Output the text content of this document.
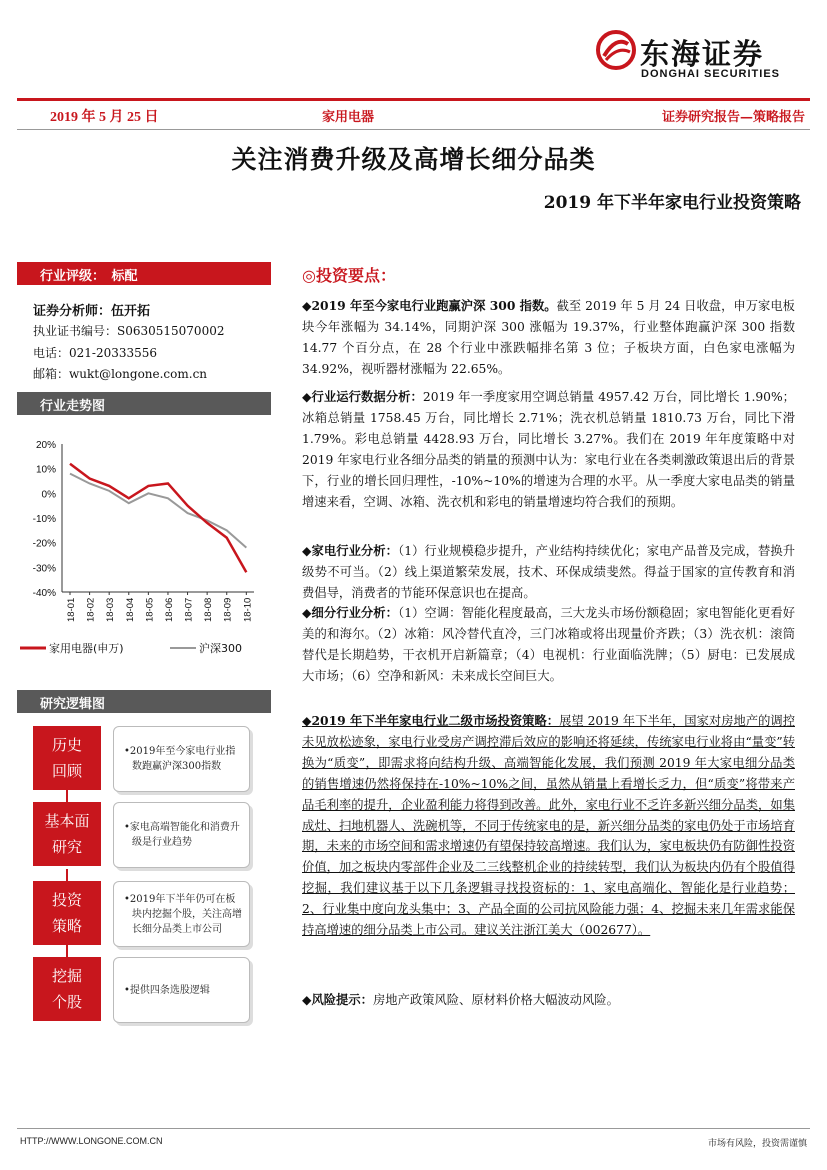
东海证券
DONGHAI SECURITIES
2019 年 5 月 25 日	家用电器	证券研究报告—策略报告
关注消费升级及高增长细分品类
2019 年下半年家电行业投资策略
行业评级：　标配
证券分析师：伍开拓
执业证书编号：S0630515070002
电话：021-20333556
邮箱：wukt@longone.com.cn
行业走势图
20%
10%
0%
-10%
-20%
-30%
-40%
18-01 18-02 18-03 18-04 18-05 18-06 18-07 18-08 18-09 18-10
家用电器(申万)	沪深300
研究逻辑图
历史
回顾
•2019年至今家电行业指数跑赢沪深300指数
基本面
研究
•家电高端智能化和消费升级是行业趋势
投资
策略
•2019年下半年仍可在板块内挖掘个股，关注高增长细分品类上市公司
挖掘
个股
•提供四条选股逻辑
◎投资要点：
◆2019 年至今家电行业跑赢沪深 300 指数。截至 2019 年 5 月 24 日收盘，申万家电板块今年涨幅为 34.14%，同期沪深 300 涨幅为 19.37%，行业整体跑赢沪深 300 指数 14.77 个百分点，在 28 个行业中涨跌幅排名第 3 位；子板块方面，白色家电涨幅为 34.92%，视听器材涨幅为 22.65%。
◆行业运行数据分析：2019 年一季度家用空调总销量 4957.42 万台，同比增长 1.90%；冰箱总销量 1758.45 万台，同比增长 2.71%；洗衣机总销量 1810.73 万台，同比下滑 1.79%。彩电总销量 4428.93 万台，同比增长 3.27%。我们在 2019 年年度策略中对 2019 年家电行业各细分品类的销量的预测中认为：家电行业在各类刺激政策退出后的背景下，行业的增长回归理性，-10%~10%的增速为合理的水平。从一季度大家电品类的销量增速来看，空调、冰箱、洗衣机和彩电的销量增速均符合我们的预期。
◆家电行业分析：（1）行业规模稳步提升，产业结构持续优化；家电产品普及完成，替换升级势不可当。（2）线上渠道繁荣发展，技术、环保成绩斐然。得益于国家的宣传教育和消费倡导，消费者的节能环保意识也在提高。
◆细分行业分析：（1）空调：智能化程度最高，三大龙头市场份额稳固；家电智能化更看好美的和海尔。（2）冰箱：风冷替代直冷，三门冰箱或将出现量价齐跌；（3）洗衣机：滚筒替代是长期趋势，干衣机开启新篇章；（4）电视机：行业面临洗牌；（5）厨电：已发展成大市场；（6）空净和新风：未来成长空间巨大。
◆2019 年下半年家电行业二级市场投资策略：展望 2019 年下半年，国家对房地产的调控未见放松迹象，家电行业受房产调控滞后效应的影响还将延续，传统家电行业将由“量变”转换为“质变”，即需求将向结构升级、高端智能化发展，我们预测 2019 年大家电细分品类的销售增速仍然将保持在-10%~10%之间，虽然从销量上看增长乏力，但“质变”将带来产品毛利率的提升，企业盈利能力将得到改善。此外，家电行业不乏许多新兴细分品类，如集成灶、扫地机器人、洗碗机等，不同于传统家电的是，新兴细分品类的家电仍处于市场培育期，未来的市场空间和需求增速仍有望保持较高增速。我们认为，家电板块仍有防御性投资价值，加之板块内零部件企业及二三线整机企业的持续转型，我们认为板块内仍有个股值得挖掘，我们建议基于以下几条逻辑寻找投资标的：1、家电高端化、智能化是行业趋势；2、行业集中度向龙头集中；3、产品全面的公司抗风险能力强；4、挖掘未来几年需求能保持高增速的细分品类上市公司。建议关注浙江美大（002677）。
◆风险提示：房地产政策风险、原材料价格大幅波动风险。
HTTP://WWW.LONGONE.COM.CN	市场有风险，投资需谨慎
